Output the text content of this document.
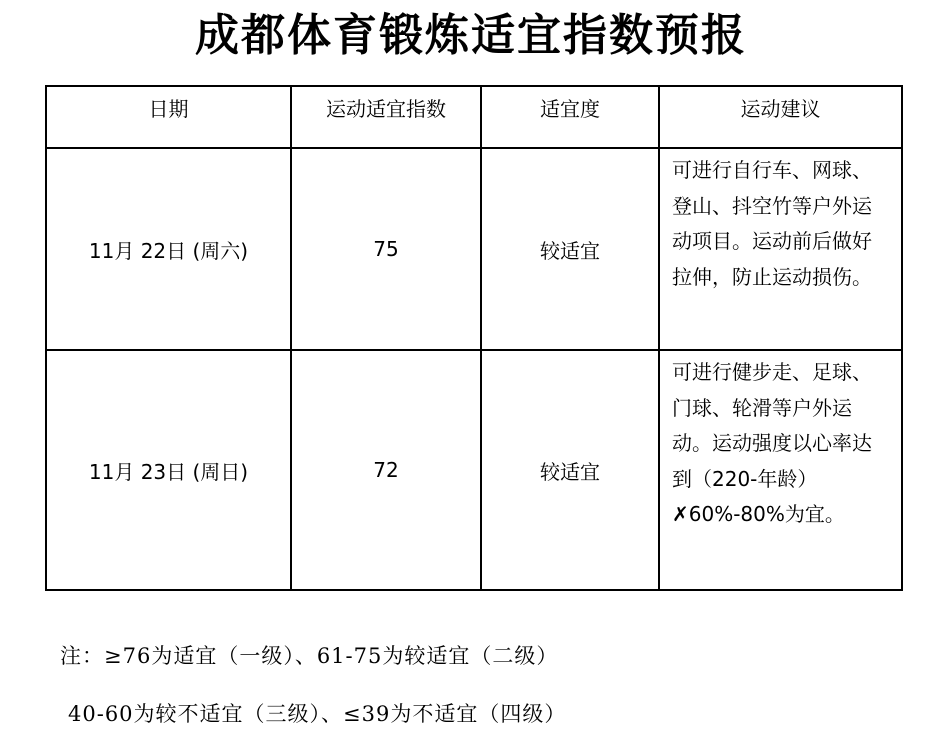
成都体育锻炼适宜指数预报
日期	运动适宜指数	适宜度	运动建议
11月 22日 (周六)	75	较适宜	可进行自行车、网球、登山、抖空竹等户外运动项目。运动前后做好拉伸，防止运动损伤。
11月 23日 (周日)	72	较适宜	可进行健步走、足球、门球、轮滑等户外运动。运动强度以心率达到（220-年龄）✗60%-80%为宜。
注：≥76为适宜（一级）、61-75为较适宜（二级）
40-60为较不适宜（三级）、≤39为不适宜（四级）
